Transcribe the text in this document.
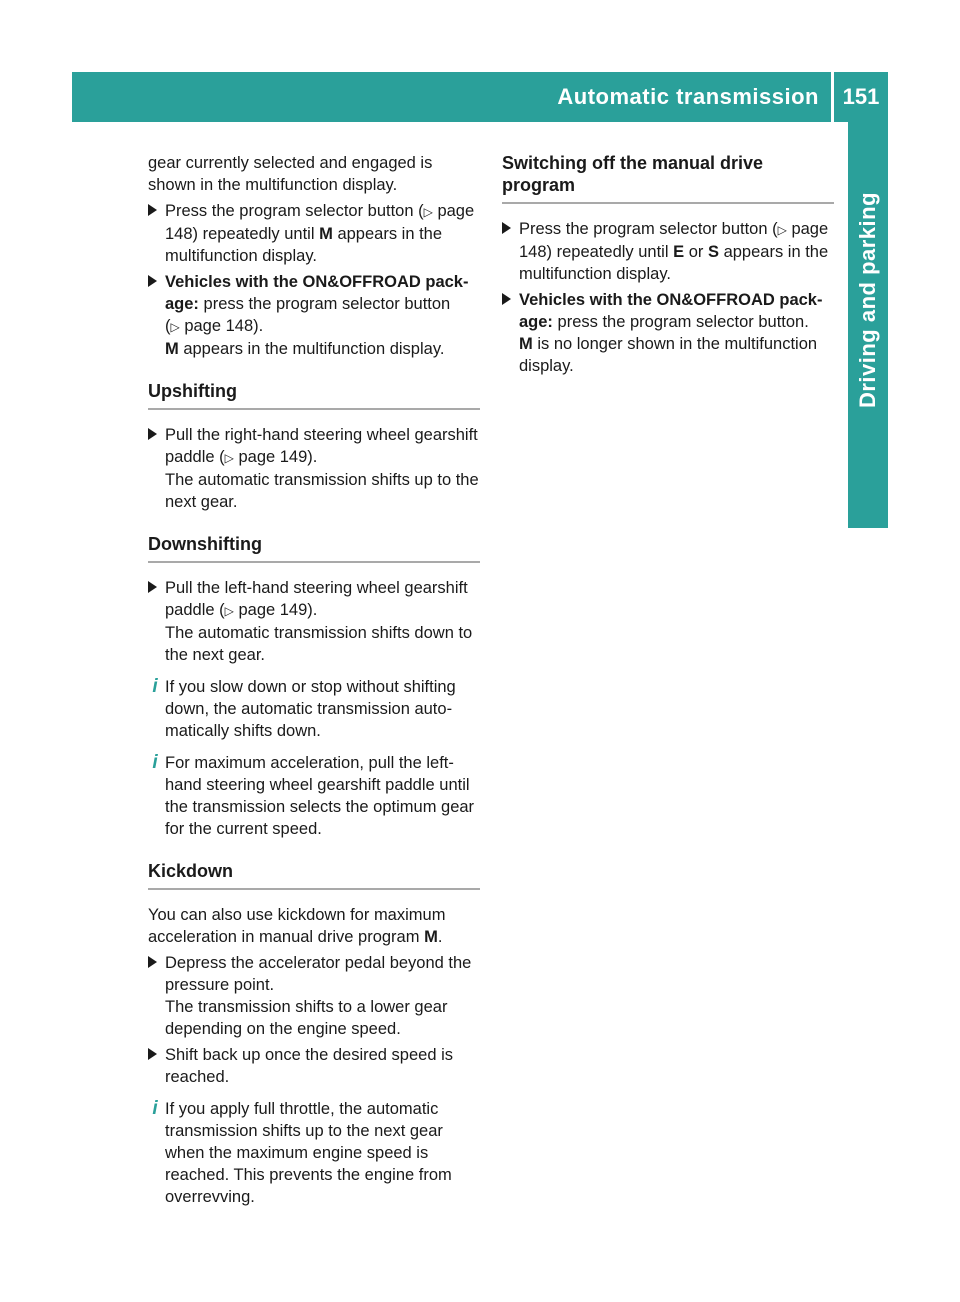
Automatic transmission	151
Driving and parking

gear currently selected and engaged is shown in the multifunction display.

Press the program selector button (▷ page 148) repeatedly until M appears in the multifunction display.
Vehicles with the ON&OFFROAD pack-age: press the program selector button (▷ page 148).
M appears in the multifunction display.
Upshifting
Pull the right-hand steering wheel gearshift paddle (▷ page 149).
The automatic transmission shifts up to the next gear.
Downshifting
Pull the left-hand steering wheel gearshift paddle (▷ page 149).
The automatic transmission shifts down to the next gear.
i If you slow down or stop without shifting down, the automatic transmission auto-matically shifts down.
i For maximum acceleration, pull the left-hand steering wheel gearshift paddle until the transmission selects the optimum gear for the current speed.
Kickdown

You can also use kickdown for maximum acceleration in manual drive program M.

Depress the accelerator pedal beyond the pressure point.
The transmission shifts to a lower gear depending on the engine speed.
Shift back up once the desired speed is reached.
i If you apply full throttle, the automatic transmission shifts up to the next gear when the maximum engine speed is reached. This prevents the engine from overrevving.
Switching off the manual drive program
Press the program selector button (▷ page 148) repeatedly until E or S appears in the multifunction display.
Vehicles with the ON&OFFROAD pack-age: press the program selector button.
M is no longer shown in the multifunction display.
